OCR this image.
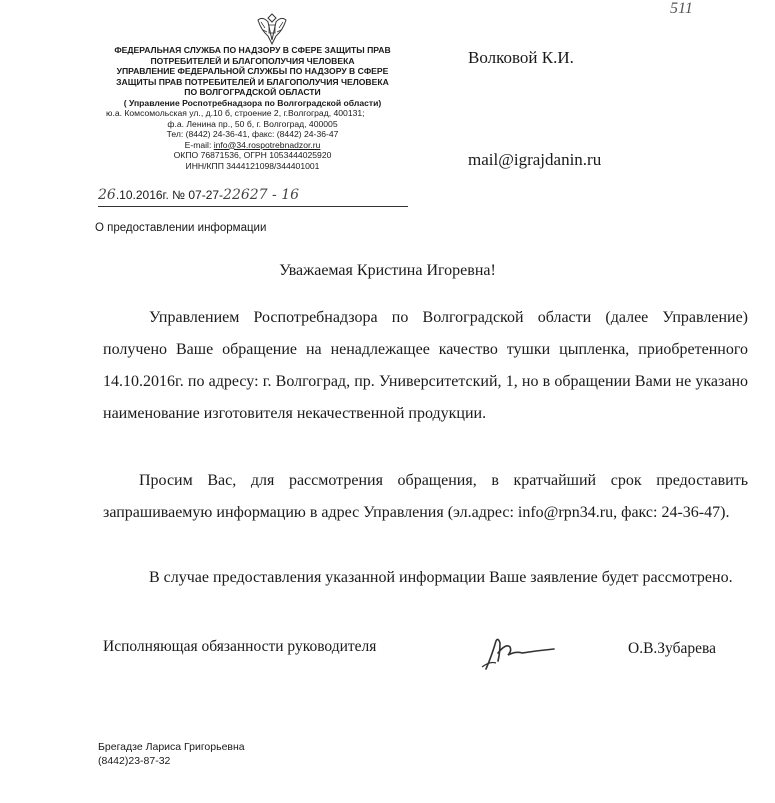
511
ФЕДЕРАЛЬНАЯ СЛУЖБА ПО НАДЗОРУ В СФЕРЕ ЗАЩИТЫ ПРАВ
ПОТРЕБИТЕЛЕЙ И БЛАГОПОЛУЧИЯ ЧЕЛОВЕКА
УПРАВЛЕНИЕ ФЕДЕРАЛЬНОЙ СЛУЖБЫ ПО НАДЗОРУ В СФЕРЕ
ЗАЩИТЫ ПРАВ ПОТРЕБИТЕЛЕЙ И БЛАГОПОЛУЧИЯ ЧЕЛОВЕКА
ПО ВОЛГОГРАДСКОЙ ОБЛАСТИ
( Управление Роспотребнадзора по Волгоградской области)
ю.а. Комсомольская ул., д.10 б, строение 2, г.Волгоград, 400131;
ф.а. Ленина пр., 50 б, г. Волгоград, 400005
Тел: (8442) 24-36-41, факс: (8442) 24-36-47
E-mail: info@34.rospotrebnadzor.ru
ОКПО 76871536, ОГРН 1053444025920
ИНН/КПП 3444121098/344401001
26.10.2016г. № 07-27-22627 - 16
О предоставлении информации
Волковой К.И.
mail@igrajdanin.ru
Уважаемая Кристина Игоревна!
Управлением Роспотребнадзора по Волгоградской области (далее Управление) получено Ваше обращение на ненадлежащее качество тушки цыпленка, приобретенного 14.10.2016г. по адресу: г. Волгоград, пр. Университетский, 1, но в обращении Вами не указано наименование изготовителя некачественной продукции.
Просим Вас, для рассмотрения обращения, в кратчайший срок предоставить запрашиваемую информацию в адрес Управления (эл.адрес: info@rpn34.ru, факс: 24-36-47).
В случае предоставления указанной информации Ваше заявление будет рассмотрено.
Исполняющая обязанности руководителя	О.В.Зубарева
Брегадзе Лариса Григорьевна
(8442)23-87-32
